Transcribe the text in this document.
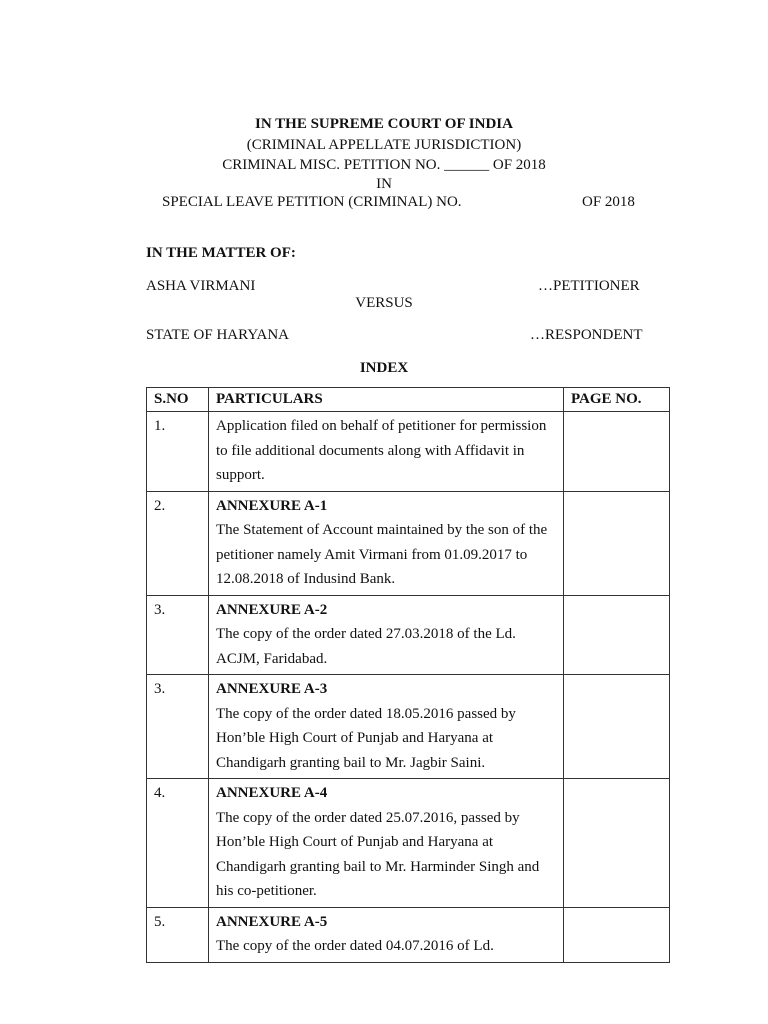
IN THE SUPREME COURT OF INDIA
(CRIMINAL APPELLATE JURISDICTION)
CRIMINAL MISC. PETITION NO. ______ OF 2018
IN
SPECIAL LEAVE PETITION (CRIMINAL) NO.	OF 2018
IN THE MATTER OF:
ASHA VIRMANI	…PETITIONER
VERSUS
STATE OF HARYANA	…RESPONDENT
INDEX
S.NO	PARTICULARS	PAGE NO.
1.	Application filed on behalf of petitioner for permission to file additional documents along with Affidavit in support.	
2.	ANNEXURE A-1
The Statement of Account maintained by the son of the petitioner namely Amit Virmani from 01.09.2017 to 12.08.2018 of Indusind Bank.	
3.	ANNEXURE A-2
The copy of the order dated 27.03.2018 of the Ld. ACJM, Faridabad.	
3.	ANNEXURE A-3
The copy of the order dated 18.05.2016 passed by Hon’ble High Court of Punjab and Haryana at Chandigarh granting bail to Mr. Jagbir Saini.	
4.	ANNEXURE A-4
The copy of the order dated 25.07.2016, passed by Hon’ble High Court of Punjab and Haryana at Chandigarh granting bail to Mr. Harminder Singh and his co-petitioner.	
5.	ANNEXURE A-5
The copy of the order dated 04.07.2016 of Ld.	
